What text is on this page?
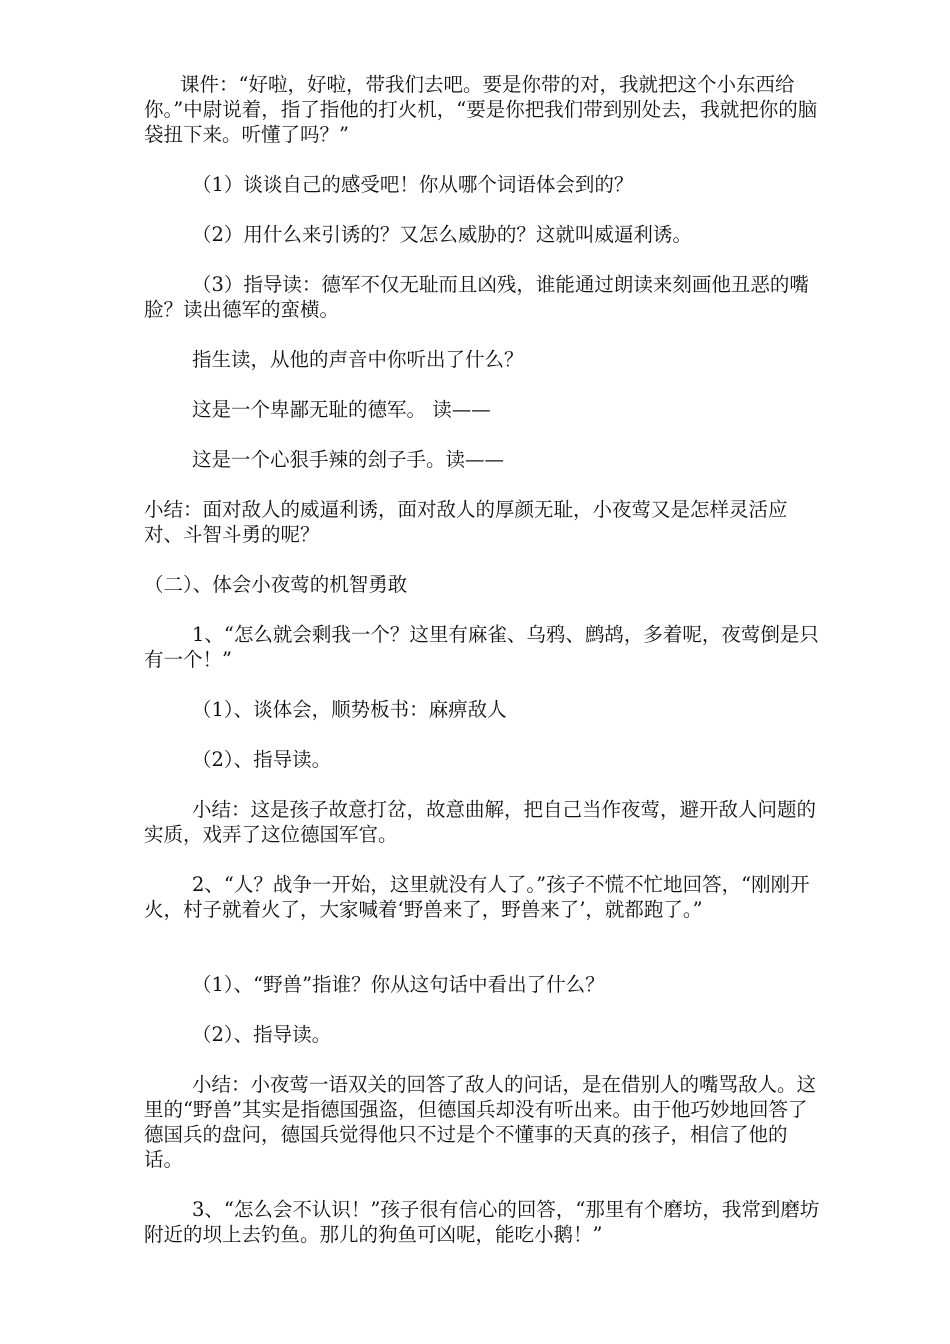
课件：“好啦，好啦，带我们去吧。要是你带的对，我就把这个小东西给你。”中尉说着，指了指他的打火机，“要是你把我们带到别处去，我就把你的脑袋扭下来。听懂了吗？”

（1）谈谈自己的感受吧！你从哪个词语体会到的？

（2）用什么来引诱的？又怎么威胁的？这就叫威逼利诱。

（3）指导读：德军不仅无耻而且凶残，谁能通过朗读来刻画他丑恶的嘴脸？读出德军的蛮横。

指生读，从他的声音中你听出了什么？

这是一个卑鄙无耻的德军。 读——

这是一个心狠手辣的刽子手。读——

小结：面对敌人的威逼利诱，面对敌人的厚颜无耻，小夜莺又是怎样灵活应对、斗智斗勇的呢？

（二）、体会小夜莺的机智勇敢

1、“怎么就会剩我一个？这里有麻雀、乌鸦、鹧鸪，多着呢，夜莺倒是只有一个！”

（1）、谈体会，顺势板书：麻痹敌人

（2）、指导读。

小结：这是孩子故意打岔，故意曲解，把自己当作夜莺，避开敌人问题的实质，戏弄了这位德国军官。

2、“人？战争一开始，这里就没有人了。”孩子不慌不忙地回答，“刚刚开火，村子就着火了，大家喊着‘野兽来了，野兽来了’，就都跑了。”

（1）、“野兽”指谁？你从这句话中看出了什么？

（2）、指导读。

小结：小夜莺一语双关的回答了敌人的问话，是在借别人的嘴骂敌人。这里的“野兽”其实是指德国强盗，但德国兵却没有听出来。由于他巧妙地回答了德国兵的盘问，德国兵觉得他只不过是个不懂事的天真的孩子，相信了他的话。

3、“怎么会不认识！”孩子很有信心的回答，“那里有个磨坊，我常到磨坊附近的坝上去钓鱼。那儿的狗鱼可凶呢，能吃小鹅！”
